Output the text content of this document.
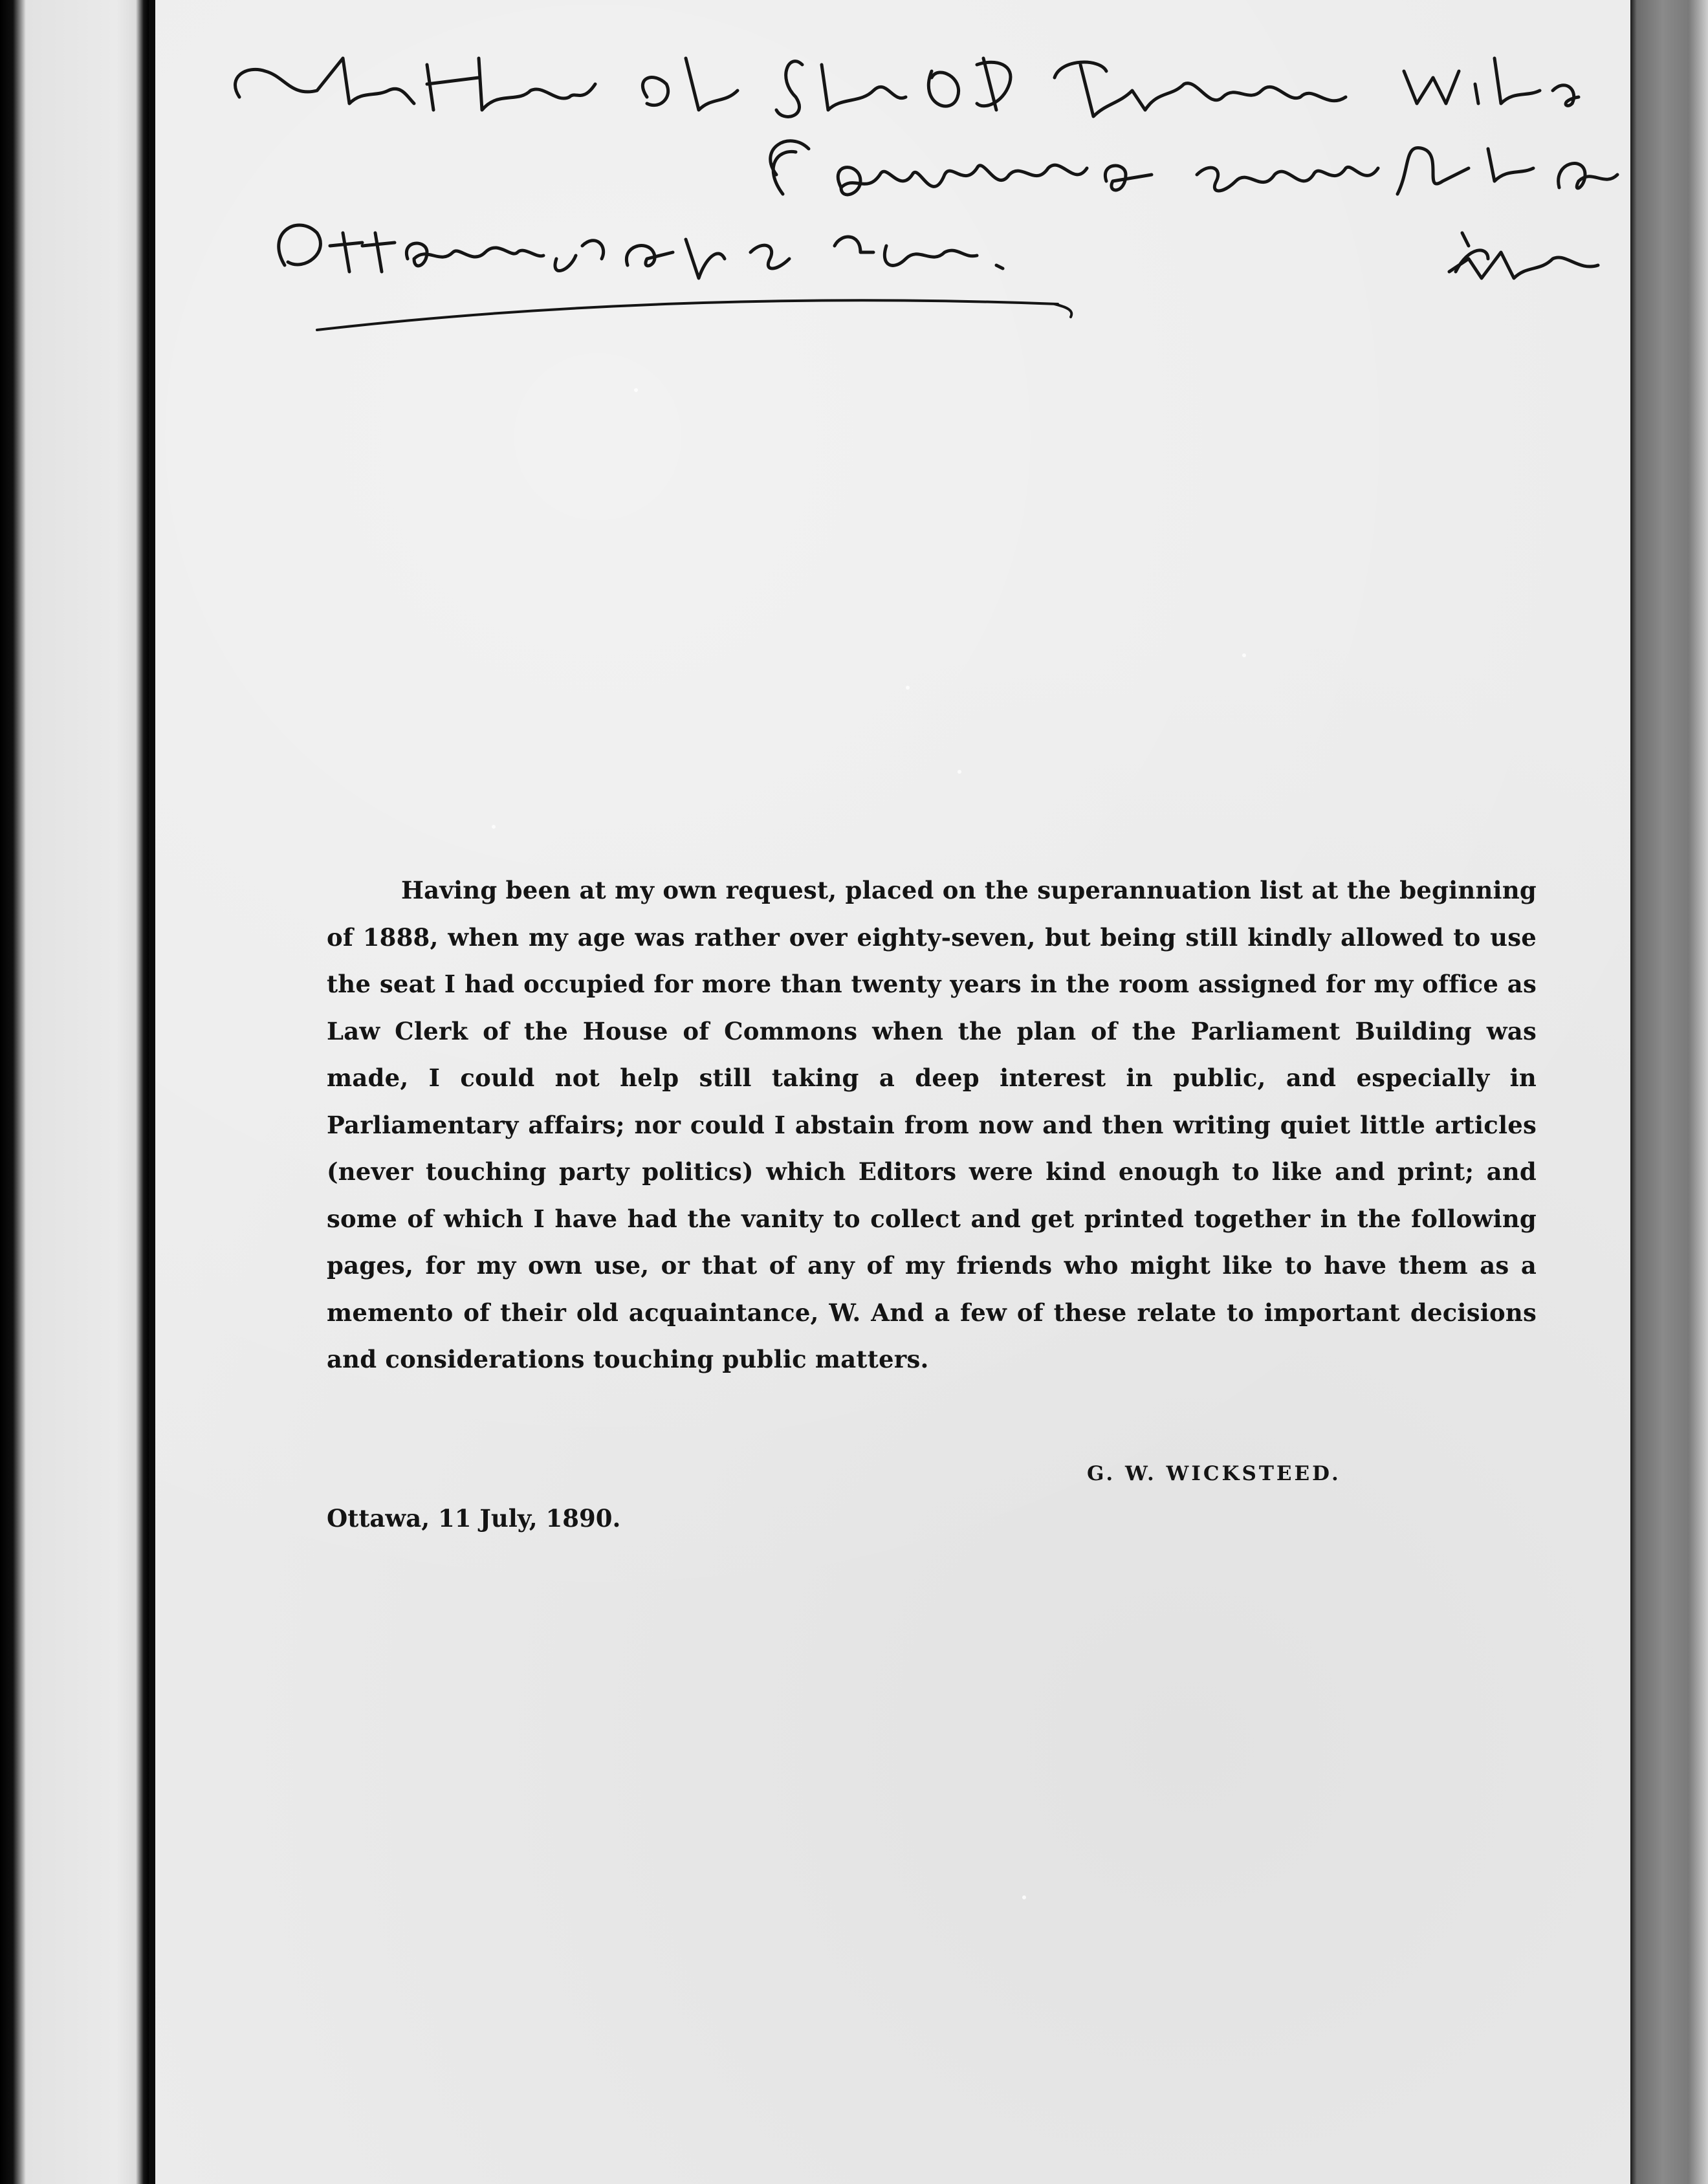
Having been at my own request, placed on the superannuation list at the beginning of 1888, when my age was rather over eighty-seven, but being still kindly allowed to use the seat I had occupied for more than twenty years in the room assigned for my office as Law Clerk of the House of Commons when the plan of the Parliament Building was made, I could not help still taking a deep interest in public, and especially in Parliamentary affairs; nor could I abstain from now and then writing quiet little articles (never touching party politics) which Editors were kind enough to like and print; and some of which I have had the vanity to collect and get printed together in the following pages, for my own use, or that of any of my friends who might like to have them as a memento of their old acquaintance, W. And a few of these relate to important decisions and considerations touching public matters.

G. W. WICKSTEED.
Ottawa, 11 July, 1890.
